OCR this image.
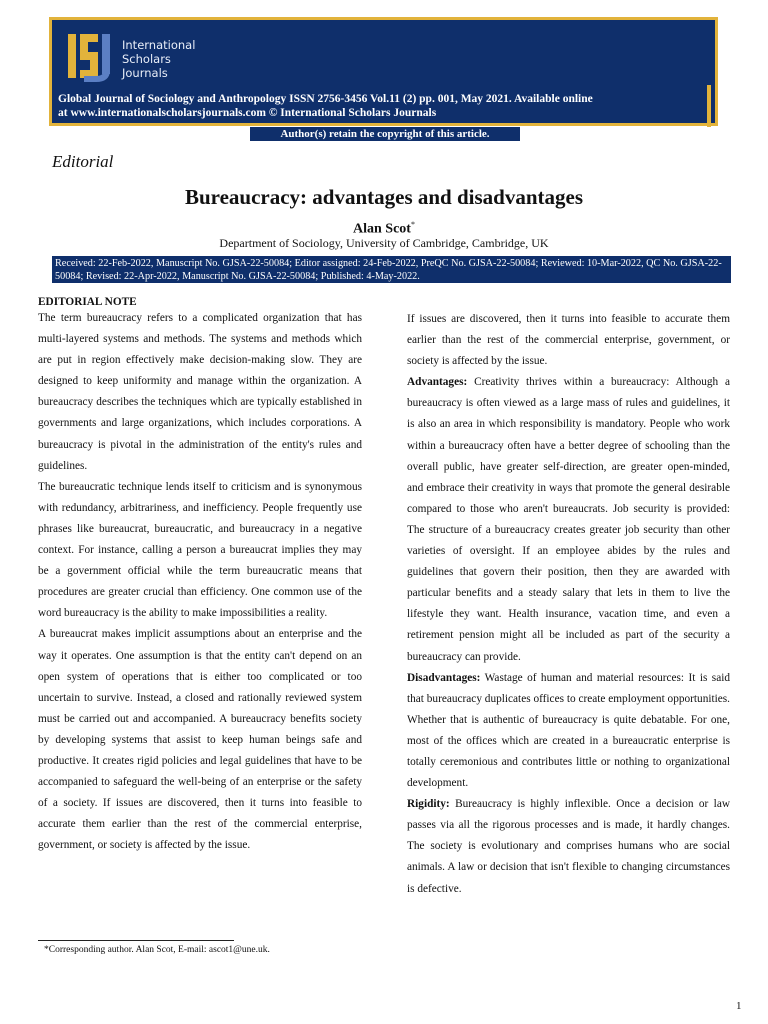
International
Scholars
Journals
Global Journal of Sociology and Anthropology ISSN 2756-3456 Vol.11 (2) pp. 001, May 2021. Available online
at www.internationalscholarsjournals.com © International Scholars Journals
Author(s) retain the copyright of this article.
Editorial
Bureaucracy: advantages and disadvantages
Alan Scot*
Department of Sociology, University of Cambridge, Cambridge, UK
Received: 22-Feb-2022, Manuscript No. GJSA-22-50084; Editor assigned: 24-Feb-2022, PreQC No. GJSA-22-50084; Reviewed: 10-Mar-2022, QC No. GJSA-22-50084; Revised: 22-Apr-2022, Manuscript No. GJSA-22-50084; Published: 4-May-2022.

EDITORIAL NOTE

The term bureaucracy refers to a complicated organization that has multi-layered systems and methods. The systems and methods which are put in region effectively make decision-making slow. They are designed to keep uniformity and manage within the organization. A bureaucracy describes the techniques which are typically established in governments and large organizations, which includes corporations. A bureaucracy is pivotal in the administration of the entity's rules and guidelines.

The bureaucratic technique lends itself to criticism and is synonymous with redundancy, arbitrariness, and inefficiency. People frequently use phrases like bureaucrat, bureaucratic, and bureaucracy in a negative context. For instance, calling a person a bureaucrat implies they may be a government official while the term bureaucratic means that procedures are greater crucial than efficiency. One common use of the word bureaucracy is the ability to make impossibilities a reality.

A bureaucrat makes implicit assumptions about an enterprise and the way it operates. One assumption is that the entity can't depend on an open system of operations that is either too complicated or too uncertain to survive. Instead, a closed and rationally reviewed system must be carried out and accompanied. A bureaucracy benefits society by developing systems that assist to keep human beings safe and productive. It creates rigid policies and legal guidelines that have to be accompanied to safeguard the well-being of an enterprise or the safety of a society. If issues are discovered, then it turns into feasible to accurate them earlier than the rest of the commercial enterprise, government, or society is affected by the issue.

If issues are discovered, then it turns into feasible to accurate them earlier than the rest of the commercial enterprise, government, or society is affected by the issue.

Advantages: Creativity thrives within a bureaucracy: Although a bureaucracy is often viewed as a large mass of rules and guidelines, it is also an area in which responsibility is mandatory. People who work within a bureaucracy often have a better degree of schooling than the overall public, have greater self-direction, are greater open-minded, and embrace their creativity in ways that promote the general desirable compared to those who aren't bureaucrats. Job security is provided: The structure of a bureaucracy creates greater job security than other varieties of oversight. If an employee abides by the rules and guidelines that govern their position, then they are awarded with particular benefits and a steady salary that lets in them to live the lifestyle they want. Health insurance, vacation time, and even a retirement pension might all be included as part of the security a bureaucracy can provide.

Disadvantages: Wastage of human and material resources: It is said that bureaucracy duplicates offices to create employment opportunities. Whether that is authentic of bureaucracy is quite debatable. For one, most of the offices which are created in a bureaucratic enterprise is totally ceremonious and contributes little or nothing to organizational development.

Rigidity: Bureaucracy is highly inflexible. Once a decision or law passes via all the rigorous processes and is made, it hardly changes. The society is evolutionary and comprises humans who are social animals. A law or decision that isn't flexible to changing circumstances is defective.

*Corresponding author. Alan Scot, E-mail: ascot1@une.uk.
1
